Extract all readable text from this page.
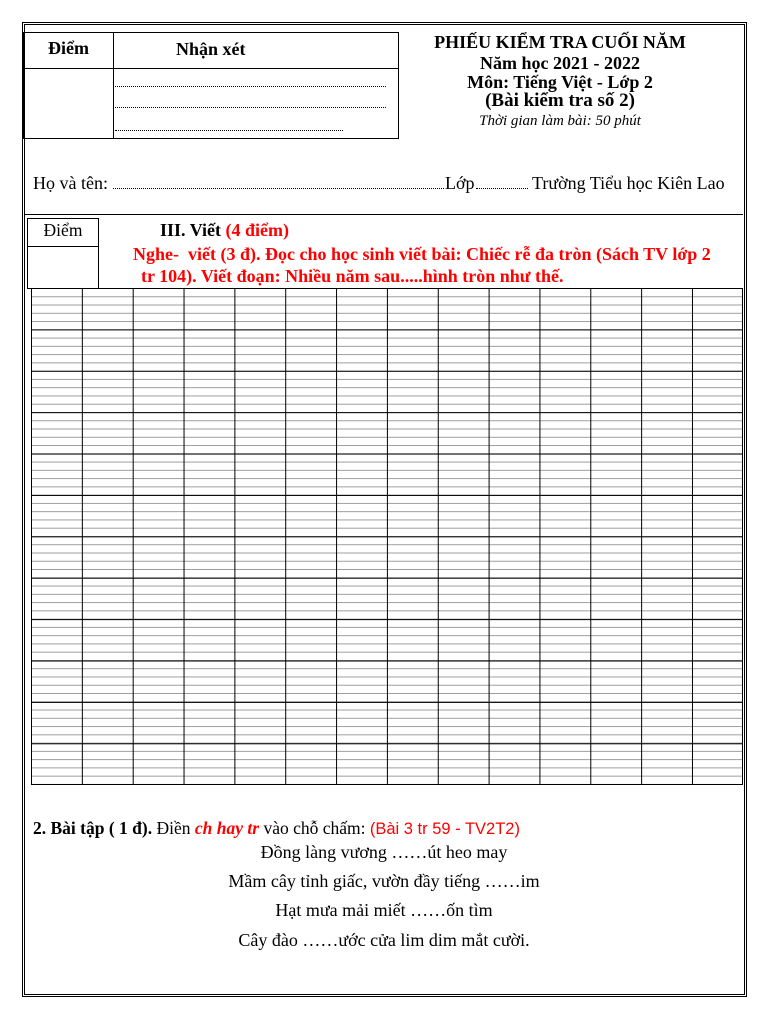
Điểm	Nhận xét	PHIẾU KIỂM TRA CUỐI NĂM
Năm học 2021 - 2022
Môn: Tiếng Việt - Lớp 2
(Bài kiểm tra số 2)
Thời gian làm bài: 50 phút
Họ và tên:	Lớp	Trường Tiểu học Kiên Lao
Điểm	III. Viết (4 điểm)
Nghe-  viết (3 đ). Đọc cho học sinh viết bài: Chiếc rễ đa tròn (Sách TV lớp 2
tr 104). Viết đoạn: Nhiều năm sau.....hình tròn như thế.
2. Bài tập ( 1 đ). Điền ch hay tr vào chỗ chấm: (Bài 3 tr 59 - TV2T2)
Đồng làng vương ……út heo may
Mầm cây tỉnh giấc, vườn đầy tiếng ……im
Hạt mưa mải miết ……ốn tìm
Cây đào ……ước cửa lim dim mắt cười.
